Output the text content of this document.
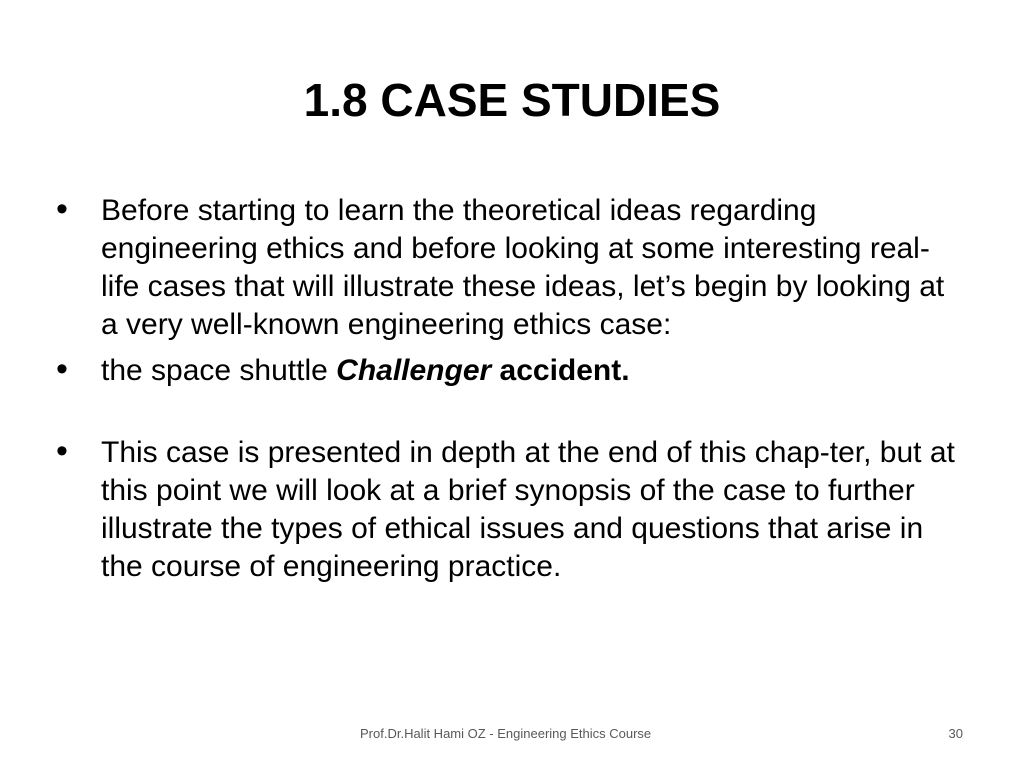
1.8 CASE STUDIES
• Before starting to learn the theoretical ideas regarding engineering ethics and before looking at some interesting real-life cases that will illustrate these ideas, let’s begin by looking at a very well-known engineering ethics case:
• the space shuttle Challenger accident.
• This case is presented in depth at the end of this chap-ter, but at this point we will look at a brief synopsis of the case to further illustrate the types of ethical issues and questions that arise in the course of engineering practice.
Prof.Dr.Halit Hami OZ - Engineering Ethics Course	30
